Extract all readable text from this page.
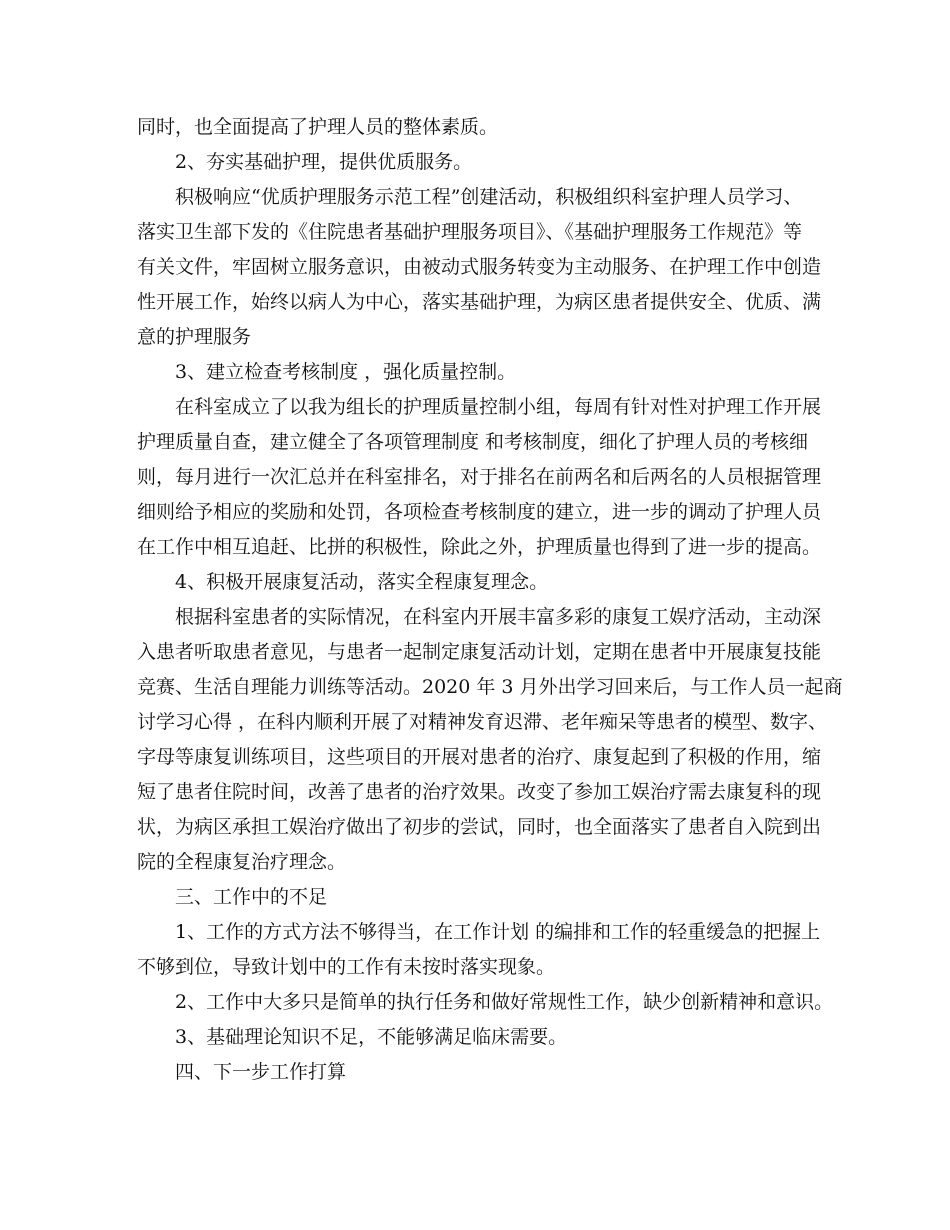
同时，也全面提高了护理人员的整体素质。
2、夯实基础护理，提供优质服务。
积极响应“优质护理服务示范工程”创建活动，积极组织科室护理人员学习、
落实卫生部下发的《住院患者基础护理服务项目》、《基础护理服务工作规范》等
有关文件，牢固树立服务意识，由被动式服务转变为主动服务、在护理工作中创造
性开展工作，始终以病人为中心，落实基础护理，为病区患者提供安全、优质、满
意的护理服务
3、建立检查考核制度 ，强化质量控制。
在科室成立了以我为组长的护理质量控制小组，每周有针对性对护理工作开展
护理质量自查，建立健全了各项管理制度 和考核制度，细化了护理人员的考核细
则，每月进行一次汇总并在科室排名，对于排名在前两名和后两名的人员根据管理
细则给予相应的奖励和处罚，各项检查考核制度的建立，进一步的调动了护理人员
在工作中相互追赶、比拼的积极性，除此之外，护理质量也得到了进一步的提高。
4、积极开展康复活动，落实全程康复理念。
根据科室患者的实际情况，在科室内开展丰富多彩的康复工娱疗活动，主动深
入患者听取患者意见，与患者一起制定康复活动计划，定期在患者中开展康复技能
竞赛、生活自理能力训练等活动。2020 年 3 月外出学习回来后，与工作人员一起商
讨学习心得 ，在科内顺利开展了对精神发育迟滞、老年痴呆等患者的模型、数字、
字母等康复训练项目，这些项目的开展对患者的治疗、康复起到了积极的作用，缩
短了患者住院时间，改善了患者的治疗效果。改变了参加工娱治疗需去康复科的现
状，为病区承担工娱治疗做出了初步的尝试，同时，也全面落实了患者自入院到出
院的全程康复治疗理念。
三、工作中的不足
1、工作的方式方法不够得当，在工作计划 的编排和工作的轻重缓急的把握上
不够到位，导致计划中的工作有未按时落实现象。
2、工作中大多只是简单的执行任务和做好常规性工作，缺少创新精神和意识。
3、基础理论知识不足，不能够满足临床需要。
四、下一步工作打算
